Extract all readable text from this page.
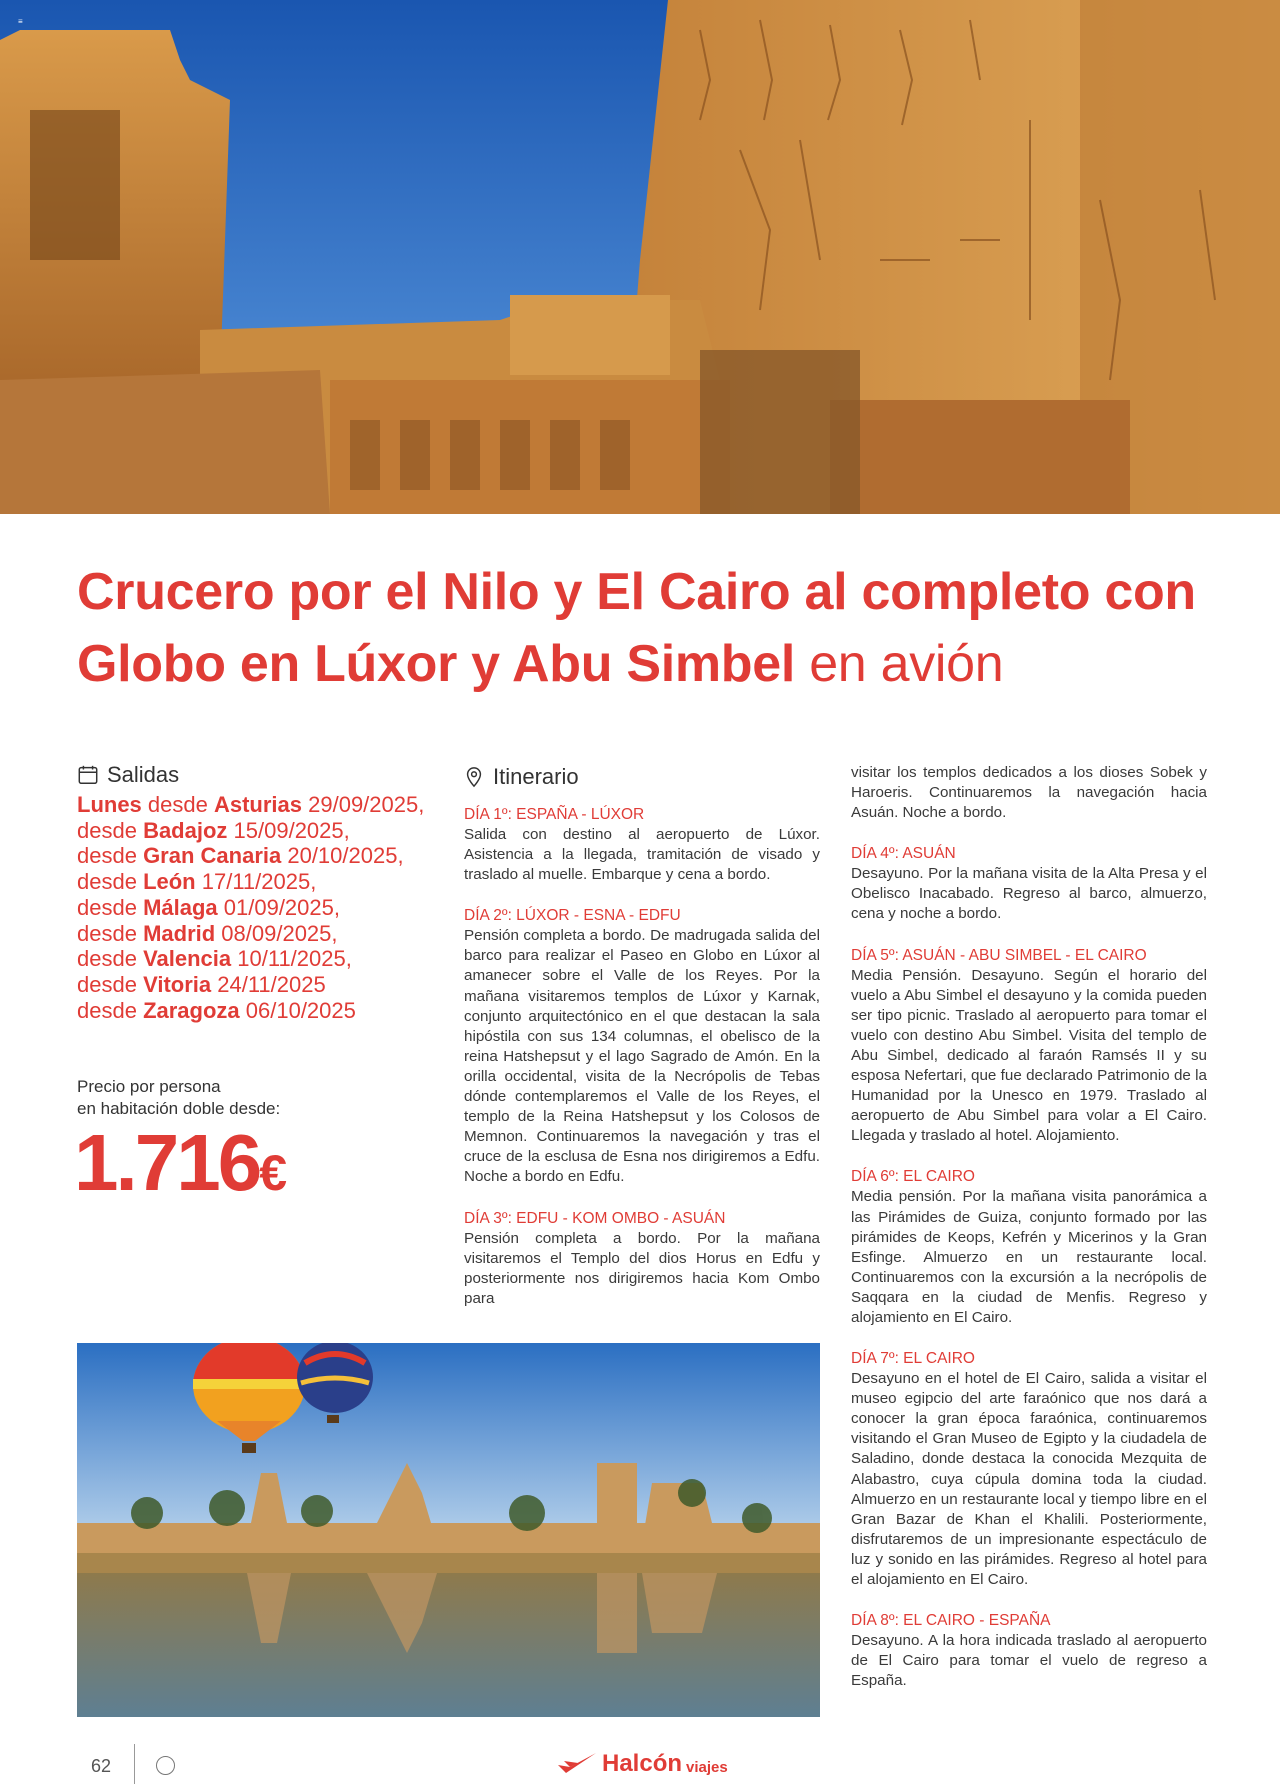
≡
Crucero por el Nilo y El Cairo al completo con Globo en Lúxor y Abu Simbel en avión
Salidas
Lunes desde Asturias 29/09/2025,
desde Badajoz 15/09/2025,
desde Gran Canaria 20/10/2025,
desde León 17/11/2025,
desde Málaga 01/09/2025,
desde Madrid 08/09/2025,
desde Valencia 10/11/2025,
desde Vitoria 24/11/2025
desde Zaragoza 06/10/2025
Precio por persona
en habitación doble desde:
1.716€
Itinerario
DÍA 1º: ESPAÑA - LÚXOR
Salida con destino al aeropuerto de Lúxor. Asistencia a la llegada, tramitación de visado y traslado al muelle. Embarque y cena a bordo.
DÍA 2º: LÚXOR - ESNA - EDFU
Pensión completa a bordo. De madrugada salida del barco para realizar el Paseo en Globo en Lúxor al amanecer sobre el Valle de los Reyes. Por la mañana visitaremos templos de Lúxor y Karnak, conjunto arquitectónico en el que destacan la sala hipóstila con sus 134 columnas, el obelisco de la reina Hatshepsut y el lago Sagrado de Amón. En la orilla occidental, visita de la Necrópolis de Tebas dónde contemplaremos el Valle de los Reyes, el templo de la Reina Hatshepsut y los Colosos de Memnon. Continuaremos la navegación y tras el cruce de la esclusa de Esna nos dirigiremos a Edfu. Noche a bordo en Edfu.
DÍA 3º: EDFU - KOM OMBO - ASUÁN
Pensión completa a bordo. Por la mañana visitaremos el Templo del dios Horus en Edfu y posteriormente nos dirigiremos hacia Kom Ombo para
visitar los templos dedicados a los dioses Sobek y Haroeris. Continuaremos la navegación hacia Asuán. Noche a bordo.
DÍA 4º: ASUÁN
Desayuno. Por la mañana visita de la Alta Presa y el Obelisco Inacabado. Regreso al barco, almuerzo, cena y noche a bordo.
DÍA 5º: ASUÁN - ABU SIMBEL - EL CAIRO
Media Pensión. Desayuno. Según el horario del vuelo a Abu Simbel el desayuno y la comida pueden ser tipo picnic. Traslado al aeropuerto para tomar el vuelo con destino Abu Simbel. Visita del templo de Abu Simbel, dedicado al faraón Ramsés II y su esposa Nefertari, que fue declarado Patrimonio de la Humanidad por la Unesco en 1979. Traslado al aeropuerto de Abu Simbel para volar a El Cairo. Llegada y traslado al hotel. Alojamiento.
DÍA 6º: EL CAIRO
Media pensión. Por la mañana visita panorámica a las Pirámides de Guiza, conjunto formado por las pirámides de Keops, Kefrén y Micerinos y la Gran Esfinge. Almuerzo en un restaurante local. Continuaremos con la excursión a la necrópolis de Saqqara en la ciudad de Menfis. Regreso y alojamiento en El Cairo.
DÍA 7º: EL CAIRO
Desayuno en el hotel de El Cairo, salida a visitar el museo egipcio del arte faraónico que nos dará a conocer la gran época faraónica, continuaremos visitando el Gran Museo de Egipto y la ciudadela de Saladino, donde destaca la conocida Mezquita de Alabastro, cuya cúpula domina toda la ciudad. Almuerzo en un restaurante local y tiempo libre en el Gran Bazar de Khan el Khalili. Posteriormente, disfrutaremos de un impresionante espectáculo de luz y sonido en las pirámides. Regreso al hotel para el alojamiento en El Cairo.
DÍA 8º: EL CAIRO - ESPAÑA
Desayuno. A la hora indicada traslado al aeropuerto de El Cairo para tomar el vuelo de regreso a España.
62	Halcón viajes
